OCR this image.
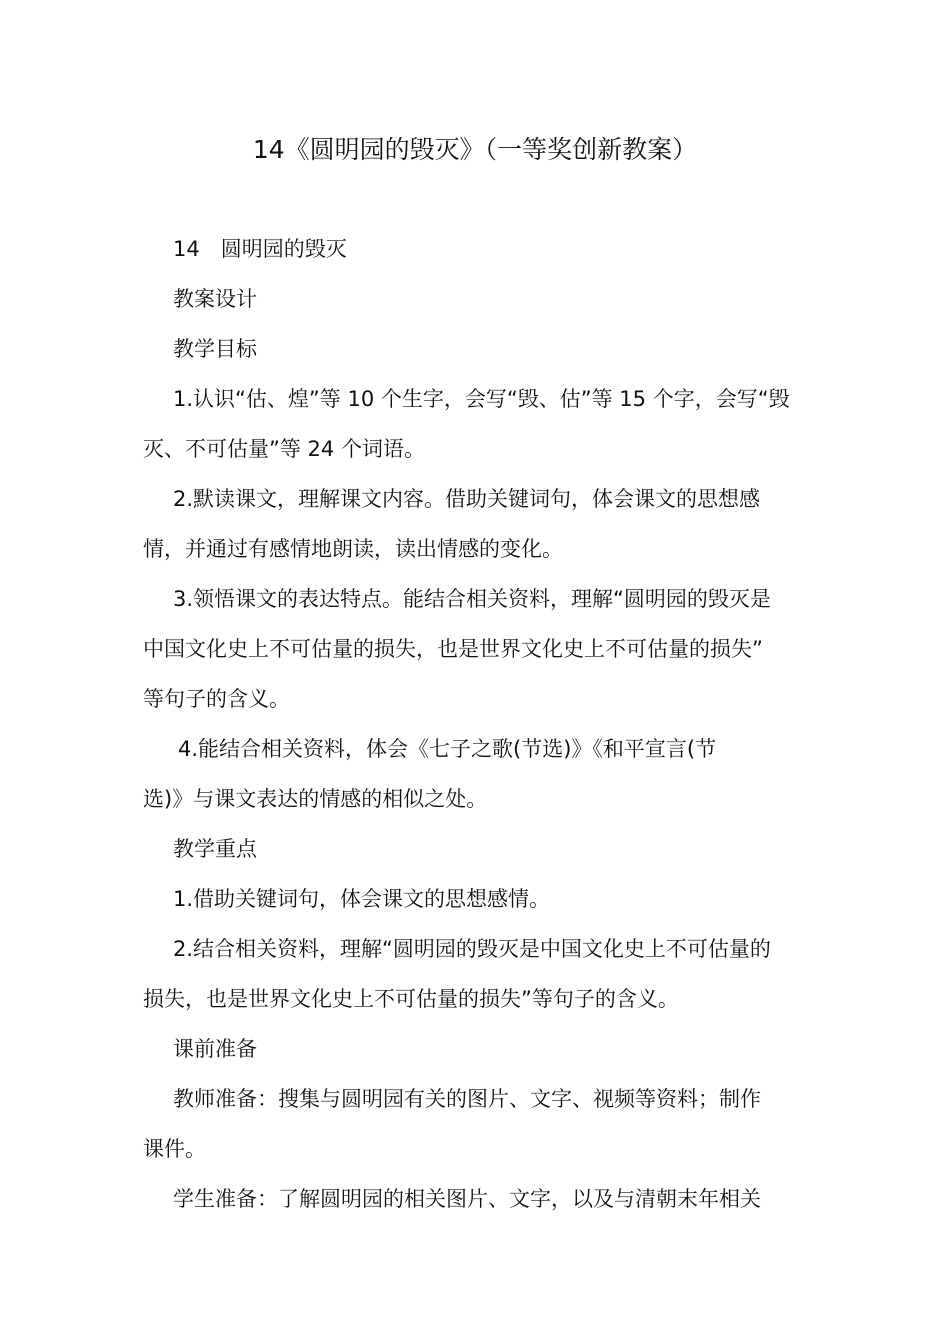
14《圆明园的毁灭》（一等奖创新教案）
14　圆明园的毁灭
教案设计
教学目标
1.认识“估、煌”等 10 个生字，会写“毁、估”等 15 个字，会写“毁
灭、不可估量”等 24 个词语。
2.默读课文，理解课文内容。借助关键词句，体会课文的思想感
情，并通过有感情地朗读，读出情感的变化。
3.领悟课文的表达特点。能结合相关资料，理解“圆明园的毁灭是
中国文化史上不可估量的损失，也是世界文化史上不可估量的损失”
等句子的含义。
4.能结合相关资料，体会《七子之歌(节选)》《和平宣言(节
选)》与课文表达的情感的相似之处。
教学重点
1.借助关键词句，体会课文的思想感情。
2.结合相关资料，理解“圆明园的毁灭是中国文化史上不可估量的
损失，也是世界文化史上不可估量的损失”等句子的含义。
课前准备
教师准备：搜集与圆明园有关的图片、文字、视频等资料；制作
课件。
学生准备：了解圆明园的相关图片、文字，以及与清朝末年相关
